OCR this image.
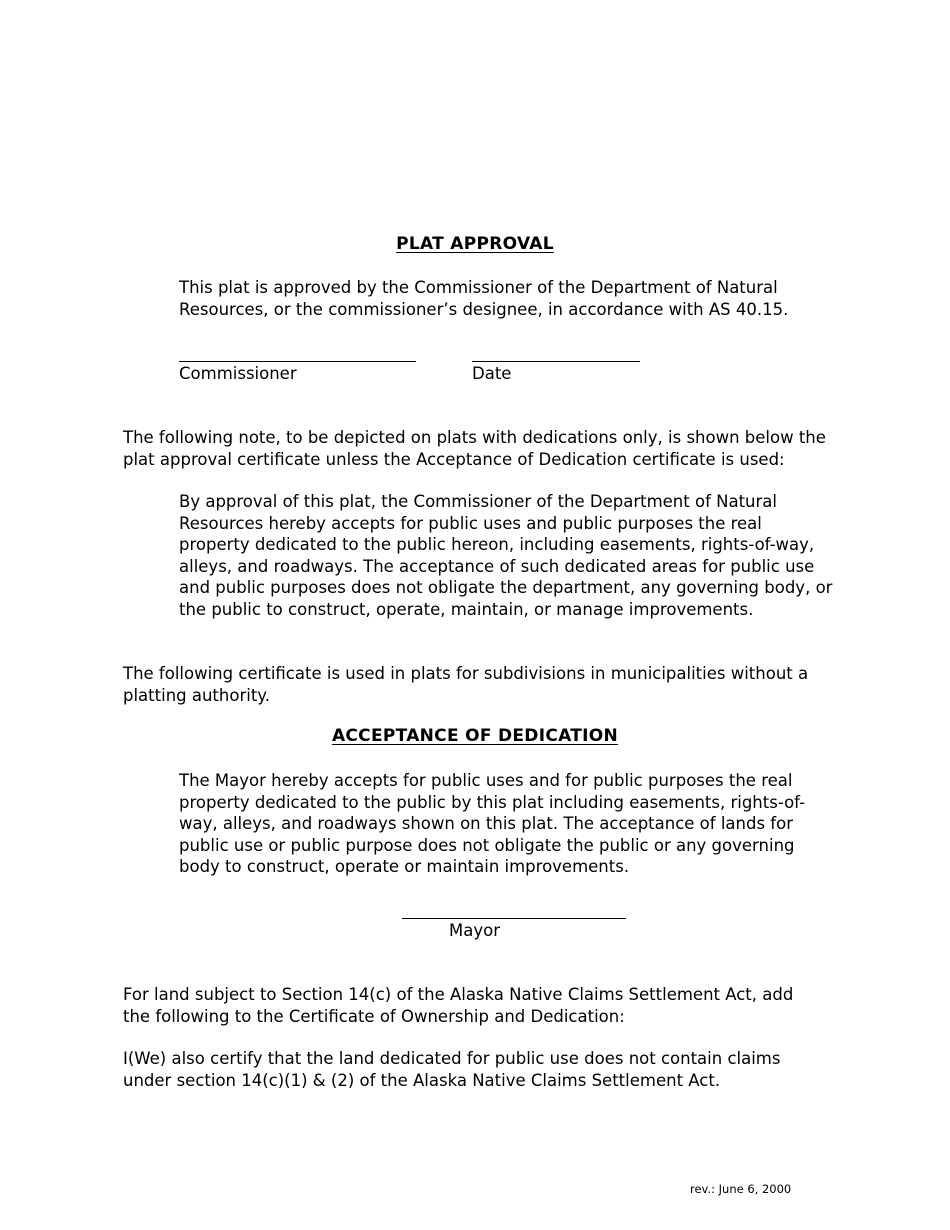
PLAT APPROVAL

This plat is approved by the Commissioner of the Department of Natural
Resources, or the commissioner’s designee, in accordance with AS 40.15.

Commissioner	Date

The following note, to be depicted on plats with dedications only, is shown below the
plat approval certificate unless the Acceptance of Dedication certificate is used:

By approval of this plat, the Commissioner of the Department of Natural
Resources hereby accepts for public uses and public purposes the real
property dedicated to the public hereon, including easements, rights-of-way,
alleys, and roadways. The acceptance of such dedicated areas for public use
and public purposes does not obligate the department, any governing body, or
the public to construct, operate, maintain, or manage improvements.

The following certificate is used in plats for subdivisions in municipalities without a
platting authority.

ACCEPTANCE OF DEDICATION

The Mayor hereby accepts for public uses and for public purposes the real
property dedicated to the public by this plat including easements, rights-of-
way, alleys, and roadways shown on this plat. The acceptance of lands for
public use or public purpose does not obligate the public or any governing
body to construct, operate or maintain improvements.

Mayor

For land subject to Section 14(c) of the Alaska Native Claims Settlement Act, add
the following to the Certificate of Ownership and Dedication:

I(We) also certify that the land dedicated for public use does not contain claims
under section 14(c)(1) & (2) of the Alaska Native Claims Settlement Act.

rev.: June 6, 2000
